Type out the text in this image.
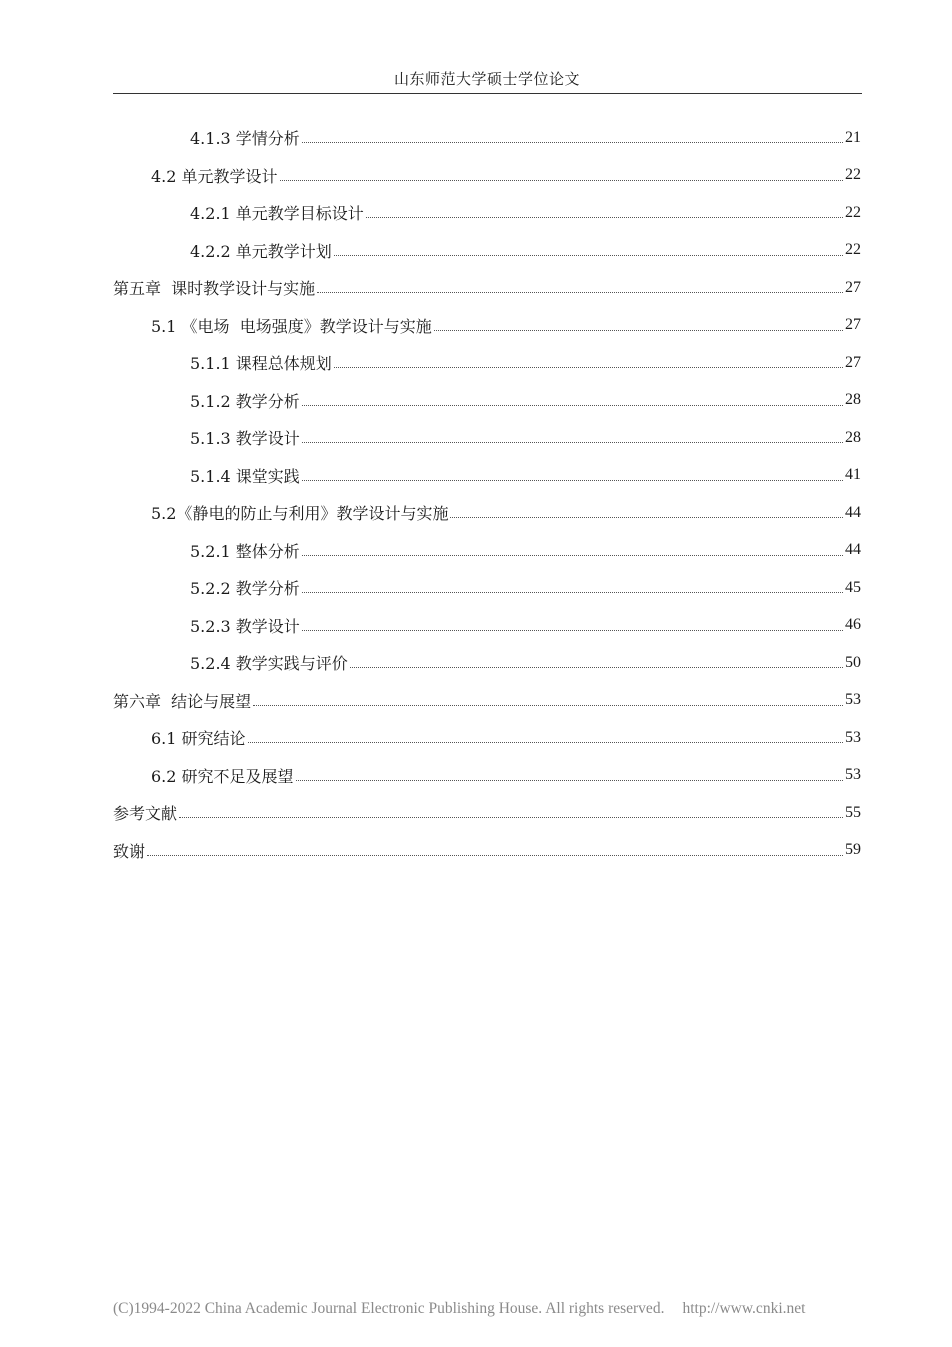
山东师范大学硕士学位论文
4.1.3 学情分析	21
4.2 单元教学设计	22
4.2.1 单元教学目标设计	22
4.2.2 单元教学计划	22
第五章  课时教学设计与实施	27
5.1 《电场  电场强度》教学设计与实施	27
5.1.1 课程总体规划	27
5.1.2 教学分析	28
5.1.3 教学设计	28
5.1.4 课堂实践	41
5.2《静电的防止与利用》教学设计与实施	44
5.2.1 整体分析	44
5.2.2 教学分析	45
5.2.3 教学设计	46
5.2.4 教学实践与评价	50
第六章  结论与展望	53
6.1 研究结论	53
6.2 研究不足及展望	53
参考文献	55
致谢	59
(C)1994-2022 China Academic Journal Electronic Publishing House. All rights reserved. http://www.cnki.net
